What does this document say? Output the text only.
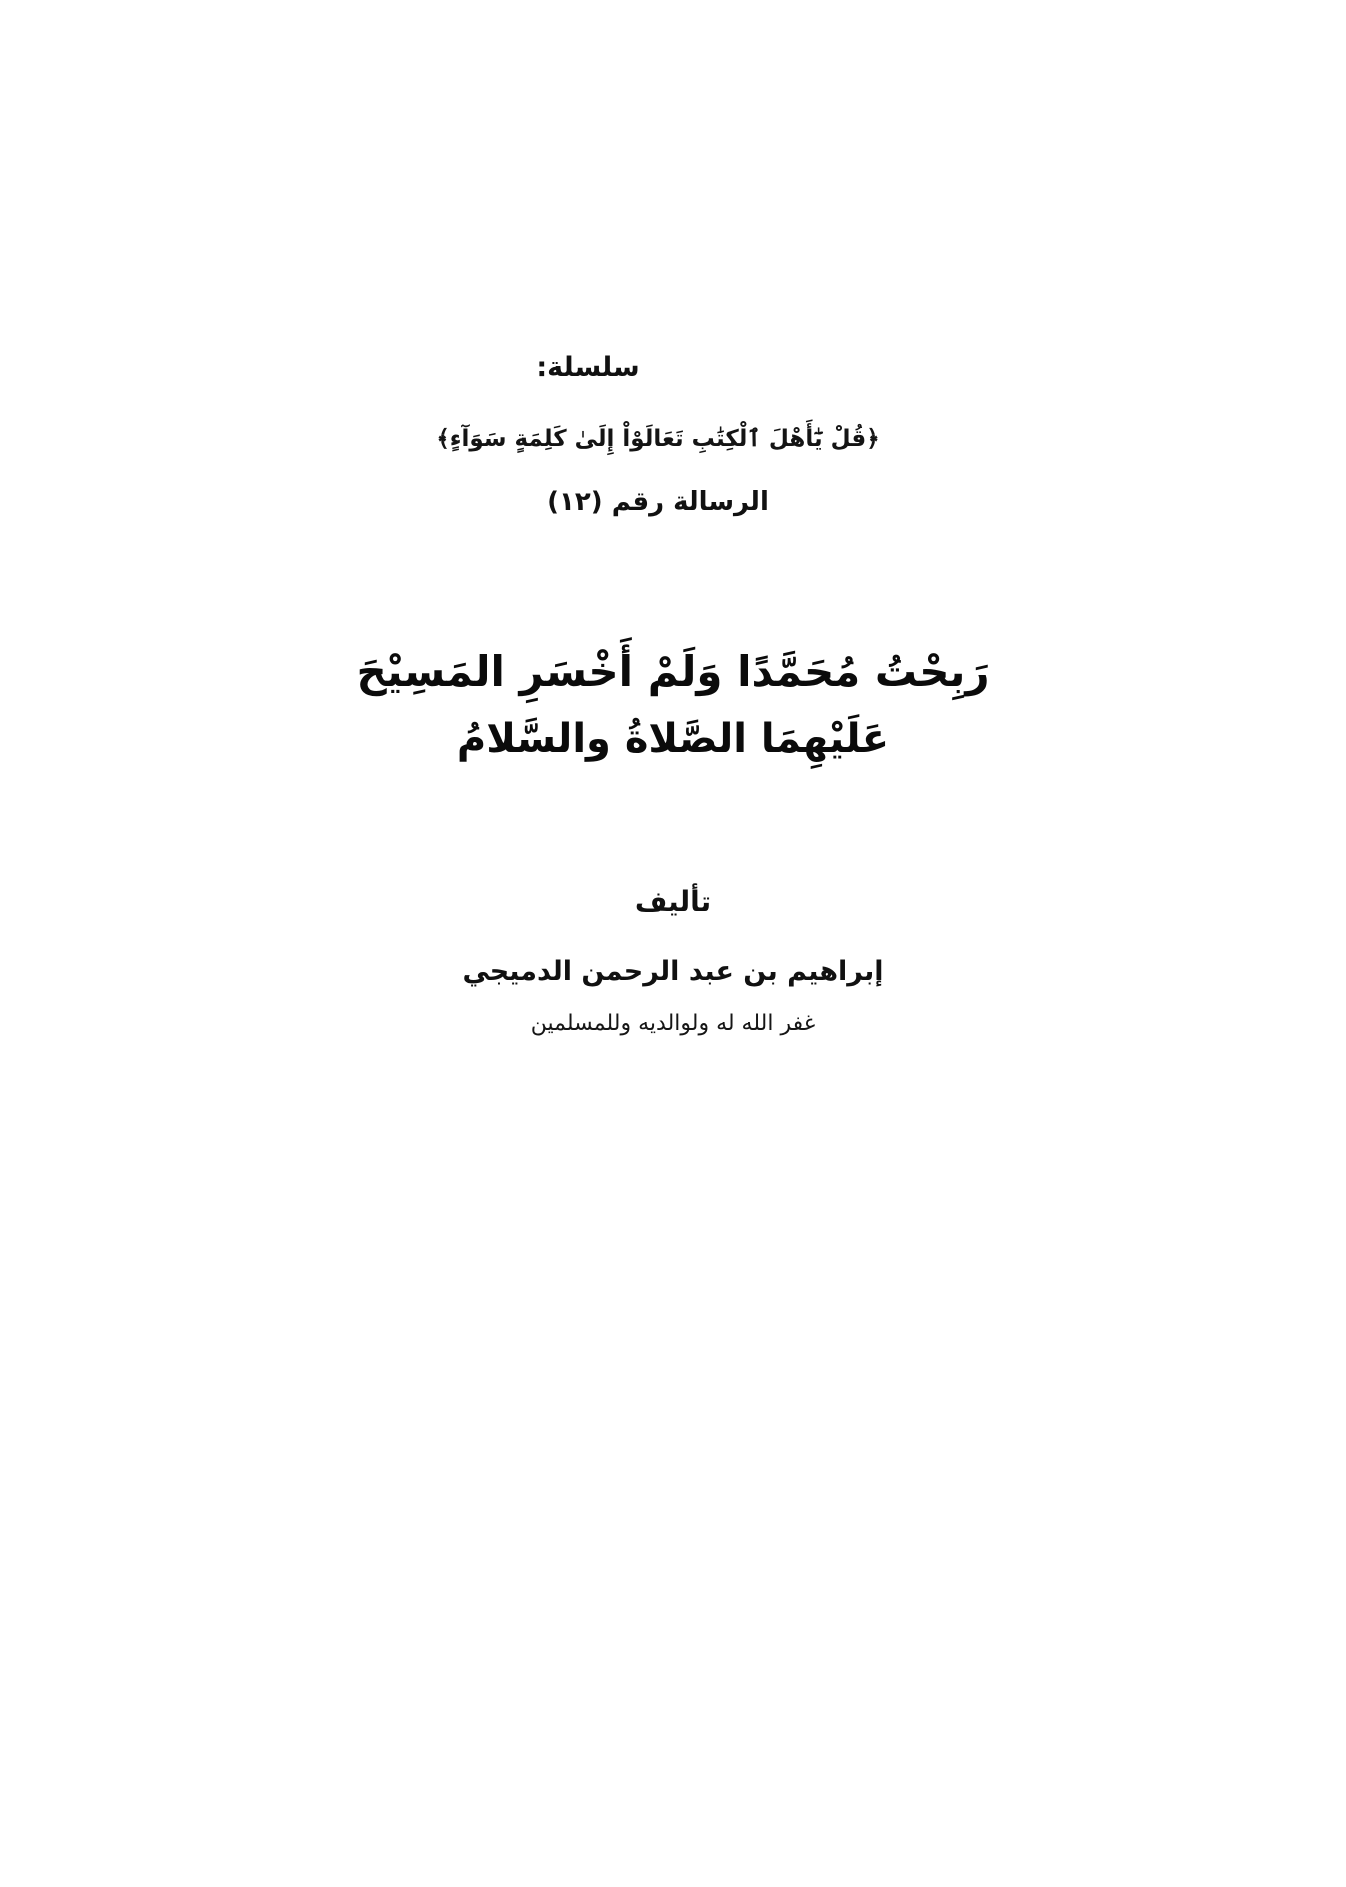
سلسلة:
﴿قُلْ يَٰٓأَهْلَ ٱلْكِتَٰبِ تَعَالَوْاْ إِلَىٰ كَلِمَةٍ سَوَآءٍ﴾
الرسالة رقم (١٢)
رَبِحْتُ مُحَمَّدًا وَلَمْ أَخْسَرِ المَسِيْحَ
عَلَيْهِمَا الصَّلاةُ والسَّلامُ
تأليف
إبراهيم بن عبد الرحمن الدميجي
غفر الله له ولوالديه وللمسلمين
